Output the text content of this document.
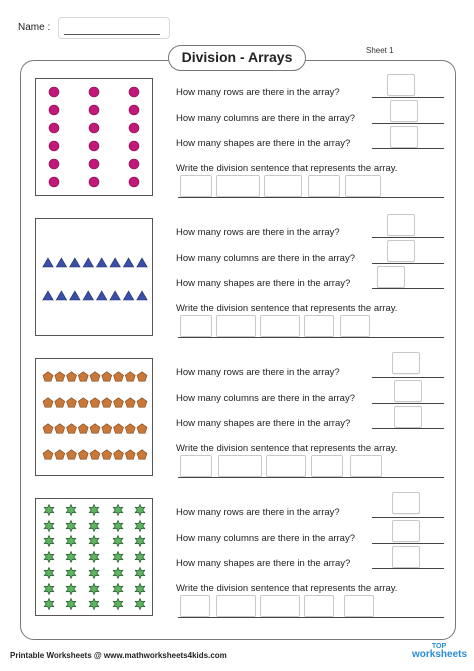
Name :
Division - Arrays	Sheet 1
How many rows are there in the array?
How many columns are there in the array?
How many shapes are there in the array?
Write the division sentence that represents the array.
How many rows are there in the array?
How many columns are there in the array?
How many shapes are there in the array?
Write the division sentence that represents the array.
How many rows are there in the array?
How many columns are there in the array?
How many shapes are there in the array?
Write the division sentence that represents the array.
How many rows are there in the array?
How many columns are there in the array?
How many shapes are there in the array?
Write the division sentence that represents the array.
Printable Worksheets @ www.mathworksheets4kids.com
TOP
worksheets
